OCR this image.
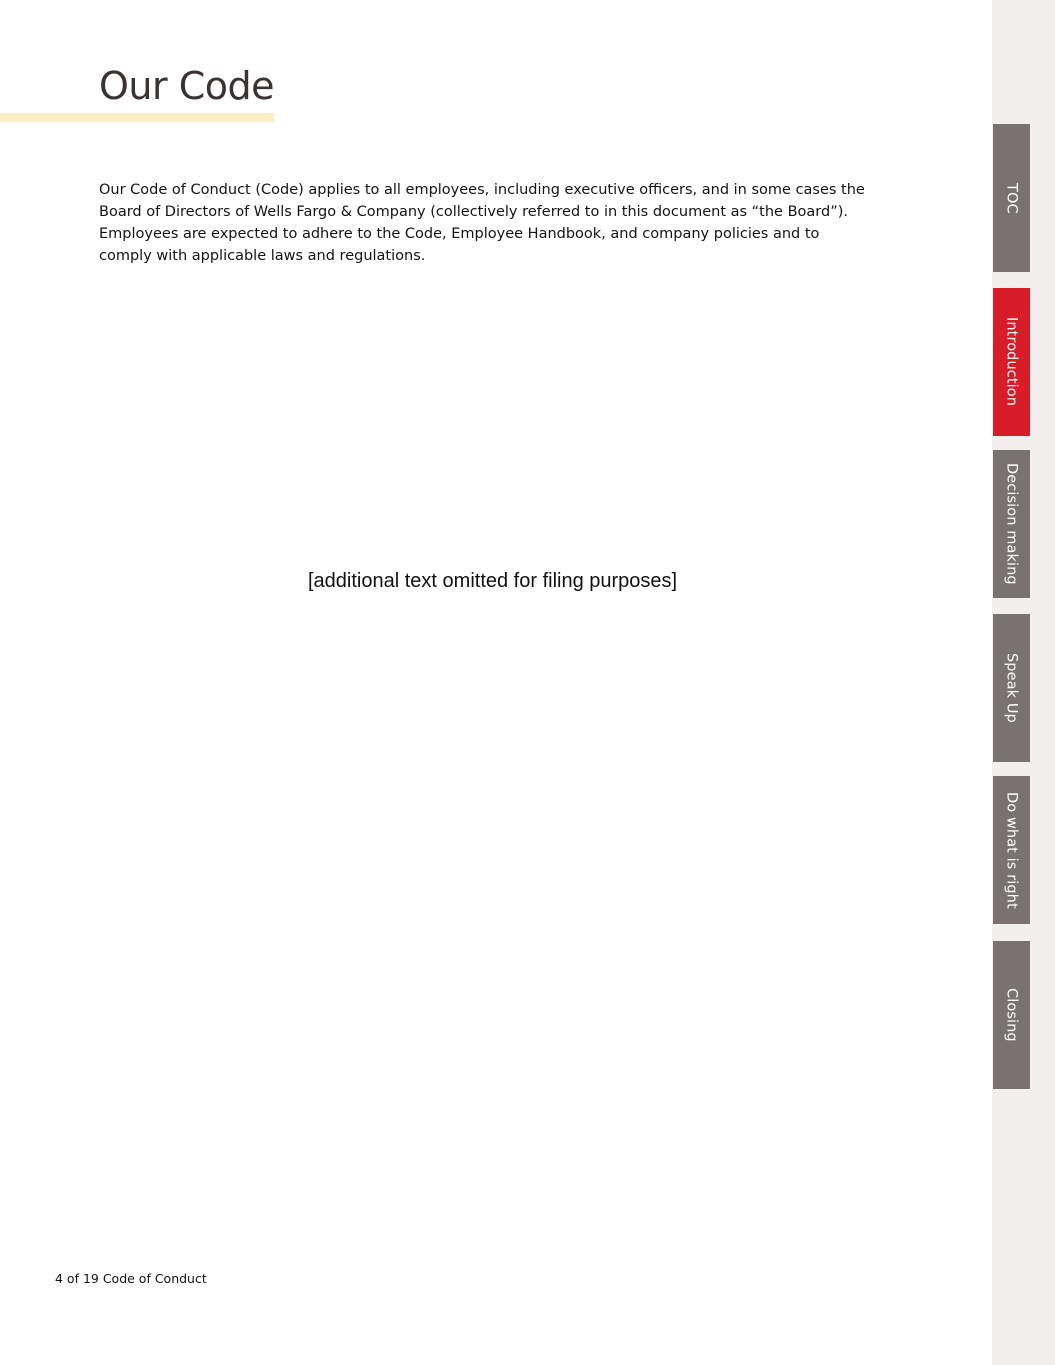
TOC
Introduction
Decision making
Speak Up
Do what is right
Closing
Our Code

Our Code of Conduct (Code) applies to all employees, including executive officers, and in some cases the Board of Directors of Wells Fargo & Company (collectively referred to in this document as “the Board”). Employees are expected to adhere to the Code, Employee Handbook, and company policies and to comply with applicable laws and regulations.

[additional text omitted for filing purposes]

4 of 19 Code of Conduct
